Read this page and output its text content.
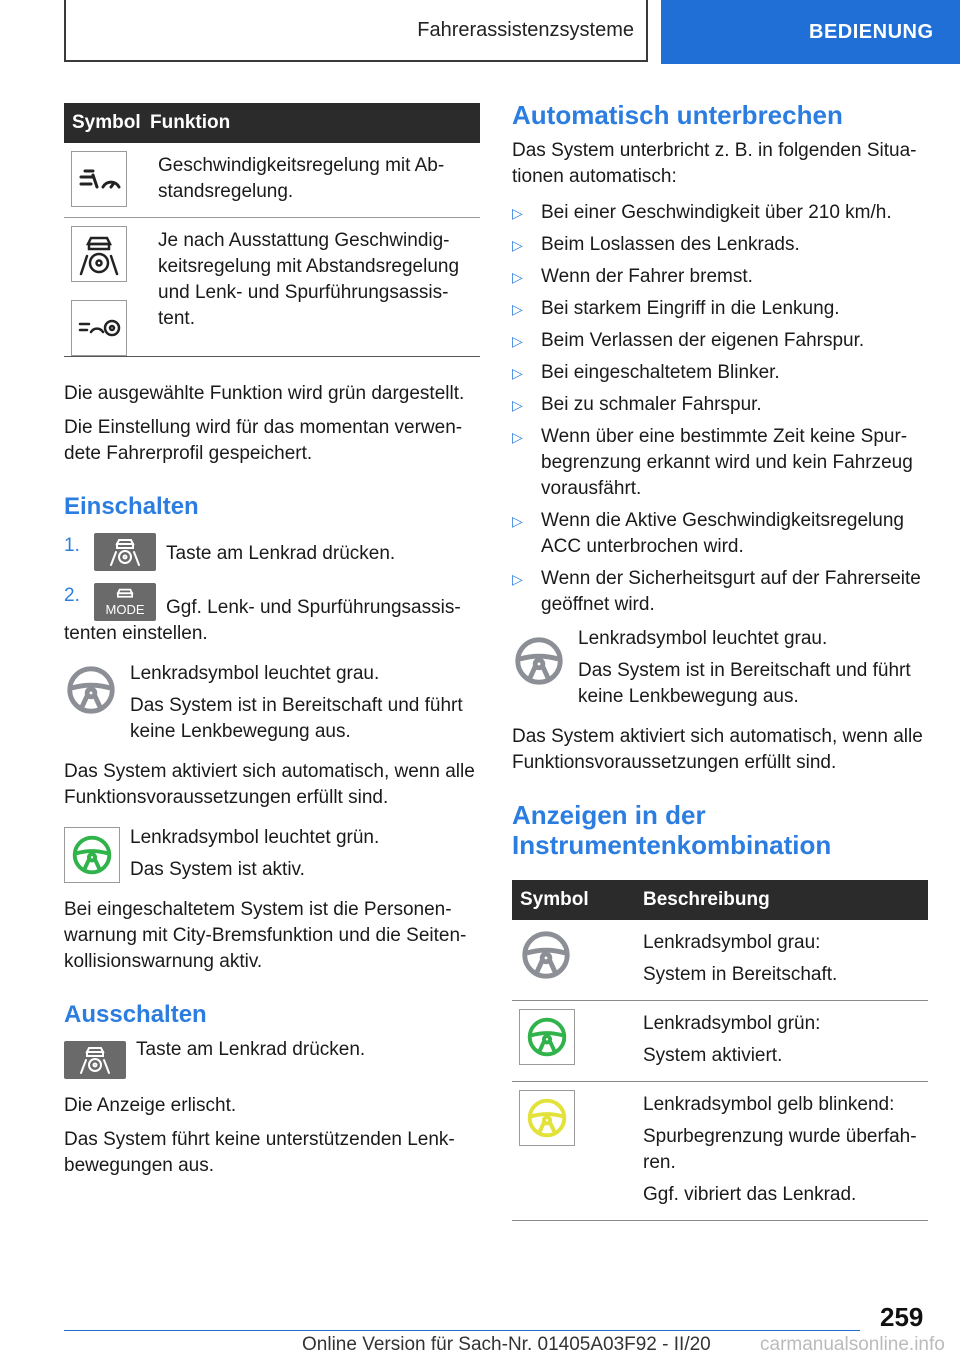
Fahrerassistenzsysteme	BEDIENUNG
Symbol Funktion

Geschwindigkeitsregelung mit Ab-standsregelung.

Je nach Ausstattung Geschwindig-keitsregelung mit Abstandsregelung und Lenk- und Spurführungsassis-tent.

Die ausgewählte Funktion wird grün dargestellt.

Die Einstellung wird für das momentan verwen-dete Fahrerprofil gespeichert.

Einschalten
1.	Taste am Lenkrad drücken.

2.
MODE	Ggf. Lenk- und Spurführungsassis-tenten einstellen.

Lenkradsymbol leuchtet grau.

Das System ist in Bereitschaft und führt keine Lenkbewegung aus.

Das System aktiviert sich automatisch, wenn alle Funktionsvoraussetzungen erfüllt sind.

Lenkradsymbol leuchtet grün.

Das System ist aktiv.

Bei eingeschaltetem System ist die Personen-warnung mit City-Bremsfunktion und die Seiten-kollisionswarnung aktiv.

Ausschalten

Taste am Lenkrad drücken.

Die Anzeige erlischt.

Das System führt keine unterstützenden Lenk-bewegungen aus.

Automatisch unterbrechen

Das System unterbricht z. B. in folgenden Situa-tionen automatisch:

▷ Bei einer Geschwindigkeit über 210 km/h.

▷ Beim Loslassen des Lenkrads.

▷ Wenn der Fahrer bremst.

▷ Bei starkem Eingriff in die Lenkung.

▷ Beim Verlassen der eigenen Fahrspur.

▷ Bei eingeschaltetem Blinker.

▷ Bei zu schmaler Fahrspur.

▷ Wenn über eine bestimmte Zeit keine Spur-begrenzung erkannt wird und kein Fahrzeug vorausfährt.

▷ Wenn die Aktive Geschwindigkeitsregelung ACC unterbrochen wird.

▷ Wenn der Sicherheitsgurt auf der Fahrerseite geöffnet wird.

Lenkradsymbol leuchtet grau.

Das System ist in Bereitschaft und führt keine Lenkbewegung aus.

Das System aktiviert sich automatisch, wenn alle Funktionsvoraussetzungen erfüllt sind.

Anzeigen in der
Instrumentenkombination
Symbol	Beschreibung

Lenkradsymbol grau:

System in Bereitschaft.

Lenkradsymbol grün:

System aktiviert.

Lenkradsymbol gelb blinkend:

Spurbegrenzung wurde überfah-ren.

Ggf. vibriert das Lenkrad.

259
Online Version für Sach-Nr. 01405A03F92 - II/20	carmanualsonline.info
